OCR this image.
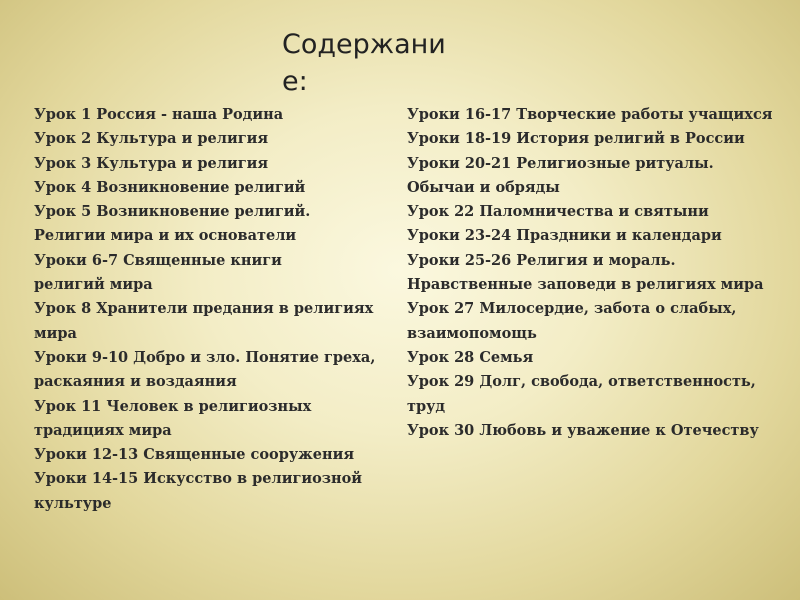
Содержание:
Урок 1 Россия - наша Родина
Урок 2 Культура и религия
Урок 3 Культура и религия
Урок 4 Возникновение религий
Урок 5 Возникновение религий.
Религии мира и их основатели
Уроки 6-7 Священные книги
религий мира
Урок 8 Хранители предания в религиях
мира
Уроки 9-10 Добро и зло. Понятие греха,
раскаяния и воздаяния
Урок 11 Человек в религиозных
традициях мира
Уроки 12-13 Священные сооружения
Уроки 14-15 Искусство в религиозной
культуре
Уроки 16-17 Творческие работы учащихся
Уроки 18-19 История религий в России
Уроки 20-21 Религиозные ритуалы.
Обычаи и обряды
Урок 22 Паломничества и святыни
Уроки 23-24 Праздники и календари
Уроки 25-26 Религия и мораль.
Нравственные заповеди в религиях мира
Урок 27 Милосердие, забота о слабых,
взаимопомощь
Урок 28 Семья
Урок 29 Долг, свобода, ответственность,
труд
Урок 30 Любовь и уважение к Отечеству
